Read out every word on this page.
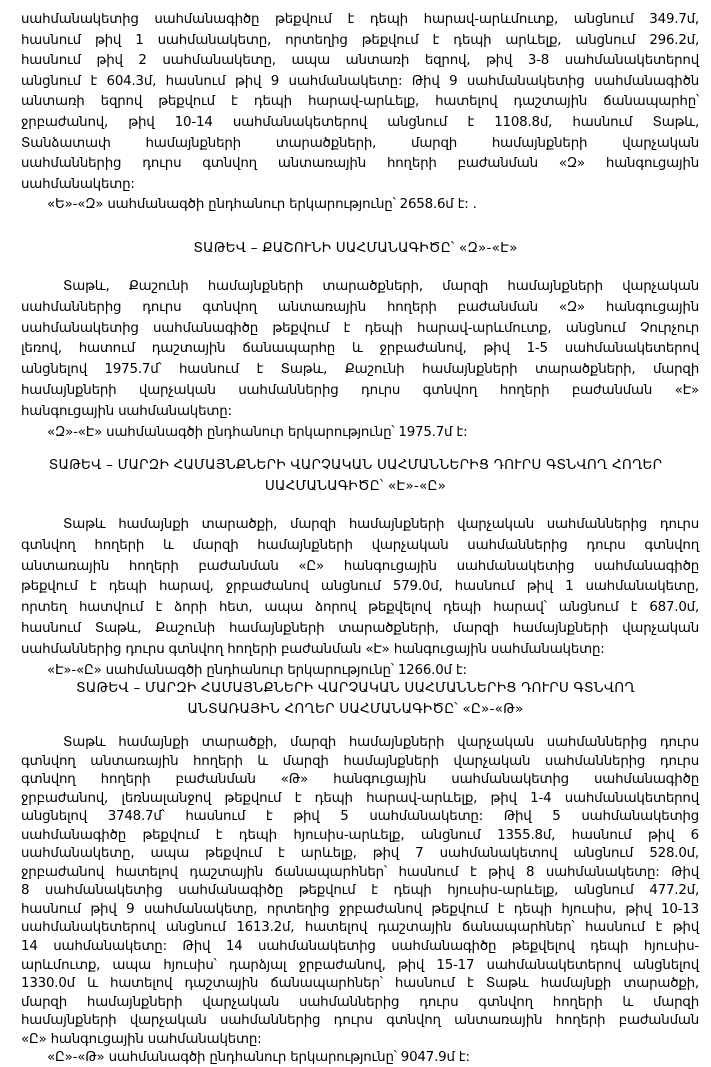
սահմանակետից սահմանագիծը թեքվում է դեպի հարավ-արևմուտք, անցնում 349.7մ,
հասնում թիվ 1 սահմանակետը, որտեղից թեքվում է դեպի արևելք, անցնում 296.2մ,
հասնում թիվ 2 սահմանակետը, ապա անտառի եզրով, թիվ 3-8 սահմանակետերով
անցնում է 604.3մ, հասնում թիվ 9 սահմանակետը: Թիվ 9 սահմանակետից սահմանագիծն
անտառի եզրով թեքվում է դեպի հարավ-արևելք, հատելով դաշտային ճանապարհը՝
ջրբաժանով, թիվ 10-14 սահմանակետերով անցնում է 1108.8մ, հասնում Տաթև,
Տանձատափ համայնքների տարածքների, մարզի համայնքների վարչական
սահմաններից դուրս գտնվող անտառային հողերի բաժանման «Զ» հանգուցային
սահմանակետը:
«Ե»-«Զ» սահմանագծի ընդհանուր երկարությունը՝ 2658.6մ է: .
ՏԱԹԵՎ – ՔԱՇՈՒՆԻ ՍԱՀՄԱՆԱԳԻԾԸ՝ «Զ»-«Է»
Տաթև, Քաշունի համայնքների տարածքների, մարզի համայնքների վարչական
սահմաններից դուրս գտնվող անտառային հողերի բաժանման «Զ» հանգուցային
սահմանակետից սահմանագիծը թեքվում է դեպի հարավ-արևմուտք, անցնում Չուրչուր
լեռով, հատում դաշտային ճանապարհը և ջրբաժանով, թիվ 1-5 սահմանակետերով
անցնելով 1975.7մ՝ հասնում է Տաթև, Քաշունի համայնքների տարածքների, մարզի
համայնքների վարչական սահմաններից դուրս գտնվող հողերի բաժանման «Է»
հանգուցային սահմանակետը:
«Զ»-«Է» սահմանագծի ընդհանուր երկարությունը՝ 1975.7մ է:
ՏԱԹԵՎ – ՄԱՐԶԻ ՀԱՄԱՅՆՔՆԵՐԻ ՎԱՐՉԱԿԱՆ ՍԱՀՄԱՆՆԵՐԻՑ ԴՈՒՐՍ ԳՏՆՎՈՂ ՀՈՂԵՐ
ՍԱՀՄԱՆԱԳԻԾԸ՝ «Է»-«Ը»
Տաթև համայնքի տարածքի, մարզի համայնքների վարչական սահմաններից դուրս
գտնվող հողերի և մարզի համայնքների վարչական սահմաններից դուրս գտնվող
անտառային հողերի բաժանման «Ը» հանգուցային սահմանակետից սահմանագիծը
թեքվում է դեպի հարավ, ջրբաժանով անցնում 579.0մ, հասնում թիվ 1 սահմանակետը,
որտեղ հատվում է ձորի հետ, ապա ձորով թեքվելով դեպի հարավ՝ անցնում է 687.0մ,
հասնում Տաթև, Քաշունի համայնքների տարածքների, մարզի համայնքների վարչական
սահմաններից դուրս գտնվող հողերի բաժանման «Է» հանգուցային սահմանակետը:
«Է»-«Ը» սահմանագծի ընդհանուր երկարությունը՝ 1266.0մ է:
ՏԱԹԵՎ – ՄԱՐԶԻ ՀԱՄԱՅՆՔՆԵՐԻ ՎԱՐՉԱԿԱՆ ՍԱՀՄԱՆՆԵՐԻՑ ԴՈՒՐՍ ԳՏՆՎՈՂ
ԱՆՏԱՌԱՅԻՆ ՀՈՂԵՐ ՍԱՀՄԱՆԱԳԻԾԸ՝ «Ը»-«Թ»
Տաթև համայնքի տարածքի, մարզի համայնքների վարչական սահմաններից դուրս
գտնվող անտառային հողերի և մարզի համայնքների վարչական սահմաններից դուրս
գտնվող հողերի բաժանման «Թ» հանգուցային սահմանակետից սահմանագիծը
ջրբաժանով, լեռնալանջով թեքվում է դեպի հարավ-արևելք, թիվ 1-4 սահմանակետերով
անցնելով 3748.7մ՝ հասնում է թիվ 5 սահմանակետը: Թիվ 5 սահմանակետից
սահմանագիծը թեքվում է դեպի հյուսիս-արևելք, անցնում 1355.8մ, հասնում թիվ 6
սահմանակետը, ապա թեքվում է արևելք, թիվ 7 սահմանակետով անցնում 528.0մ,
ջրբաժանով հատելով դաշտային ճանապարհներ՝ հասնում է թիվ 8 սահմանակետը: Թիվ
8 սահմանակետից սահմանագիծը թեքվում է դեպի հյուսիս-արևելք, անցնում 477.2մ,
հասնում թիվ 9 սահմանակետը, որտեղից ջրբաժանով թեքվում է դեպի հյուսիս, թիվ 10-13
սահմանակետերով անցնում 1613.2մ, հատելով դաշտային ճանապարհներ՝ հասնում է թիվ
14 սահմանակետը: Թիվ 14 սահմանակետից սահմանագիծը թեքվելով դեպի հյուսիս-
արևմուտք, ապա հյուսիս՝ դարձյալ ջրբաժանով, թիվ 15-17 սահմանակետերով անցնելով
1330.0մ և հատելով դաշտային ճանապարհներ՝ հասնում է Տաթև համայնքի տարածքի,
մարզի համայնքների վարչական սահմաններից դուրս գտնվող հողերի և մարզի
համայնքների վարչական սահմաններից դուրս գտնվող անտառային հողերի բաժանման
«Ը» հանգուցային սահմանակետը:
«Ը»-«Թ» սահմանագծի ընդհանուր երկարությունը՝ 9047.9մ է:
